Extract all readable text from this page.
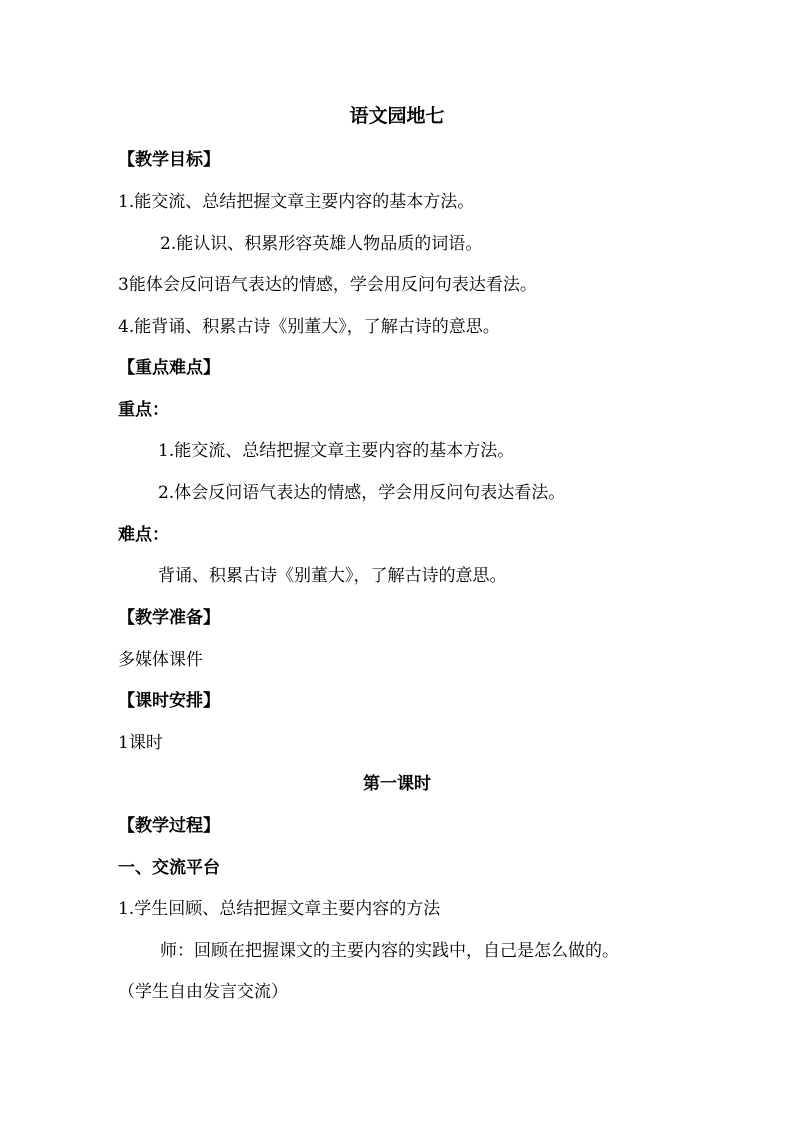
语文园地七
【教学目标】
1.能交流、总结把握文章主要内容的基本方法。
2.能认识、积累形容英雄人物品质的词语。
3能体会反问语气表达的情感，学会用反问句表达看法。
4.能背诵、积累古诗《别董大》，了解古诗的意思。
【重点难点】
重点：
1.能交流、总结把握文章主要内容的基本方法。
2.体会反问语气表达的情感，学会用反问句表达看法。
难点：
背诵、积累古诗《别董大》，了解古诗的意思。
【教学准备】
多媒体课件
【课时安排】
1课时
第一课时
【教学过程】
一、交流平台
1.学生回顾、总结把握文章主要内容的方法
师：回顾在把握课文的主要内容的实践中，自己是怎么做的。
（学生自由发言交流）
